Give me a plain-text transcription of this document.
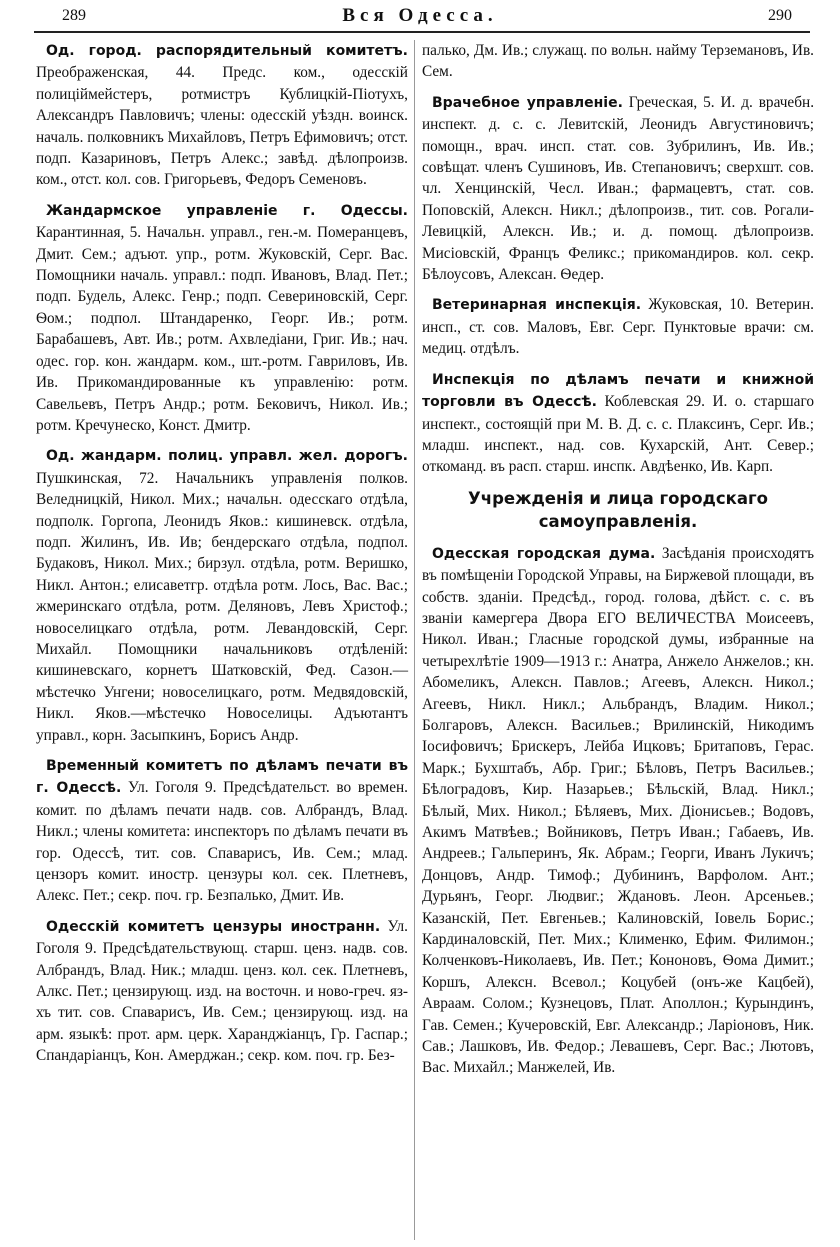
289	Вся Одесса.	290

Од. город. распорядительный комитетъ. Преображенская, 44. Предс. ком., одесскій полиціймейстеръ, ротмистръ Кублицкій-Піотухъ, Александръ Павловичъ; члены: одесскій уѣздн. воинск. началь. полковникъ Михайловъ, Петръ Ефимовичъ; отст. подп. Казариновъ, Петръ Алекс.; завѣд. дѣлопроизв. ком., отст. кол. сов. Григорьевъ, Федоръ Семеновъ.

Жандармское управленіе г. Одессы. Карантинная, 5. Начальн. управл., ген.-м. Померанцевъ, Дмит. Сем.; адъют. упр., ротм. Жуковскій, Серг. Вас. Помощники началь. управл.: подп. Ивановъ, Влад. Пет.; подп. Будель, Алекс. Генр.; подп. Севериновскій, Серг. Ѳом.; подпол. Штандаренко, Георг. Ив.; ротм. Барабашевъ, Авт. Ив.; ротм. Ахвледіани, Григ. Ив.; нач. одес. гор. кон. жандарм. ком., шт.-ротм. Гавриловъ, Ив. Ив. Прикомандированные къ управленію: ротм. Савельевъ, Петръ Андр.; ротм. Бековичъ, Никол. Ив.; ротм. Кречунеско, Конст. Дмитр.

Од. жандарм. полиц. управл. жел. дорогъ. Пушкинская, 72. Начальникъ управленія полков. Веледницкій, Никол. Мих.; начальн. одесскаго отдѣла, подполк. Горгопа, Леонидъ Яков.: кишиневск. отдѣла, подп. Жилинъ, Ив. Ив; бендерскаго отдѣла, подпол. Будаковъ, Никол. Мих.; бирзул. отдѣла, ротм. Веришко, Никл. Антон.; елисаветгр. отдѣла ротм. Лось, Вас. Вас.; жмеринскаго отдѣла, ротм. Деляновъ, Левъ Христоф.; новоселицкаго отдѣла, ротм. Левандовскій, Серг. Михайл. Помощники начальниковъ отдѣленій: кишиневскаго, корнетъ Шатковскій, Фед. Сазон.—мѣстечко Унгени; новоселицкаго, ротм. Медвядовскій, Никл. Яков.—мѣстечко Новоселицы. Адъютантъ управл., корн. Засыпкинъ, Борисъ Андр.

Временный комитетъ по дѣламъ печати въ г. Одессѣ. Ул. Гоголя 9. Предсѣдательст. во времен. комит. по дѣламъ печати надв. сов. Албрандъ, Влад. Никл.; члены комитета: инспекторъ по дѣламъ печати въ гор. Одессѣ, тит. сов. Спаварисъ, Ив. Сем.; млад. цензоръ комит. иностр. цензуры кол. сек. Плетневъ, Алекс. Пет.; секр. поч. гр. Безпалько, Дмит. Ив.

Одесскій комитетъ цензуры иностранн. Ул. Гоголя 9. Предсѣдательствующ. старш. ценз. надв. сов. Албрандъ, Влад. Ник.; младш. ценз. кол. сек. Плетневъ, Алкс. Пет.; цензирующ. изд. на восточн. и ново-греч. яз-хъ тит. сов. Спаварисъ, Ив. Сем.; цензирующ. изд. на арм. языкѣ: прот. арм. церк. Харанджіанцъ, Гр. Гаспар.; Спандаріанцъ, Кон. Амерджан.; секр. ком. поч. гр. Без-

палько, Дм. Ив.; служащ. по вольн. найму Терземановъ, Ив. Сем.

Врачебное управленіе. Греческая, 5. И. д. врачебн. инспект. д. с. с. Левитскій, Леонидъ Августиновичъ; помощн., врач. инсп. стат. сов. Зубрилинъ, Ив. Ив.; совѣщат. членъ Сушиновъ, Ив. Степановичъ; сверхшт. сов. чл. Хенцинскій, Чесл. Иван.; фармацевтъ, стат. сов. Поповскій, Алексн. Никл.; дѣлопроизв., тит. сов. Рогали-Левицкій, Алексн. Ив.; и. д. помощ. дѣлопроизв. Мисіовскій, Францъ Феликс.; прикомандиров. кол. секр. Бѣлоусовъ, Алексан. Ѳедер.

Ветеринарная инспекція. Жуковская, 10. Ветерин. инсп., ст. сов. Маловъ, Евг. Серг. Пунктовые врачи: см. медиц. отдѣлъ.

Инспекція по дѣламъ печати и книжной торговли въ Одессѣ. Коблевская 29. И. о. старшаго инспект., состоящій при М. В. Д. с. с. Плаксинъ, Серг. Ив.; младш. инспект., над. сов. Кухарскій, Ант. Север.; откоманд. въ расп. старш. инспк. Авдѣенко, Ив. Карп.

Учрежденія и лица городскаго самоуправленія.

Одесская городская дума. Засѣданія происходятъ въ помѣщеніи Городской Управы, на Биржевой площади, въ собств. зданіи. Предсѣд., город. голова, дѣйст. с. с. въ званіи камергера Двора ЕГО ВЕЛИЧЕСТВА Моисеевъ, Никол. Иван.; Гласные городской думы, избранные на четырехлѣтіе 1909—1913 г.: Анатра, Анжело Анжелов.; кн. Абомеликъ, Алексн. Павлов.; Агеевъ, Алексн. Никол.; Агеевъ, Никл. Никл.; Альбрандъ, Владим. Никол.; Болгаровъ, Алексн. Васильев.; Врилинскій, Никодимъ Іосифовичъ; Брискеръ, Лейба Ицковъ; Бритаповъ, Герас. Марк.; Бухштабъ, Абр. Григ.; Бѣловъ, Петръ Васильев.; Бѣлоградовъ, Кир. Назарьев.; Бѣльскій, Влад. Никл.; Бѣлый, Мих. Никол.; Бѣляевъ, Мих. Діонисьев.; Водовъ, Акимъ Матвѣев.; Войниковъ, Петръ Иван.; Габаевъ, Ив. Андреев.; Гальперинъ, Як. Абрам.; Георги, Иванъ Лукичъ; Донцовъ, Андр. Тимоф.; Дубининъ, Варфолом. Ант.; Дурьянъ, Георг. Людвиг.; Ждановъ. Леон. Арсеньев.; Казанскій, Пет. Евгеньев.; Калиновскій, Іовель Борис.; Кардиналовскій, Пет. Мих.; Клименко, Ефим. Филимон.; Колченковъ-Николаевъ, Ив. Пет.; Кононовъ, Ѳома Димит.; Коршъ, Алексн. Всевол.; Коцубей (онъ-же Кацбей), Авраам. Солом.; Кузнецовъ, Плат. Аполлон.; Курындинъ, Гав. Семен.; Кучеровскій, Евг. Александр.; Ларіоновъ, Ник. Сав.; Лашковъ, Ив. Федор.; Левашевъ, Серг. Вас.; Лютовъ, Вас. Михайл.; Манжелей, Ив.
